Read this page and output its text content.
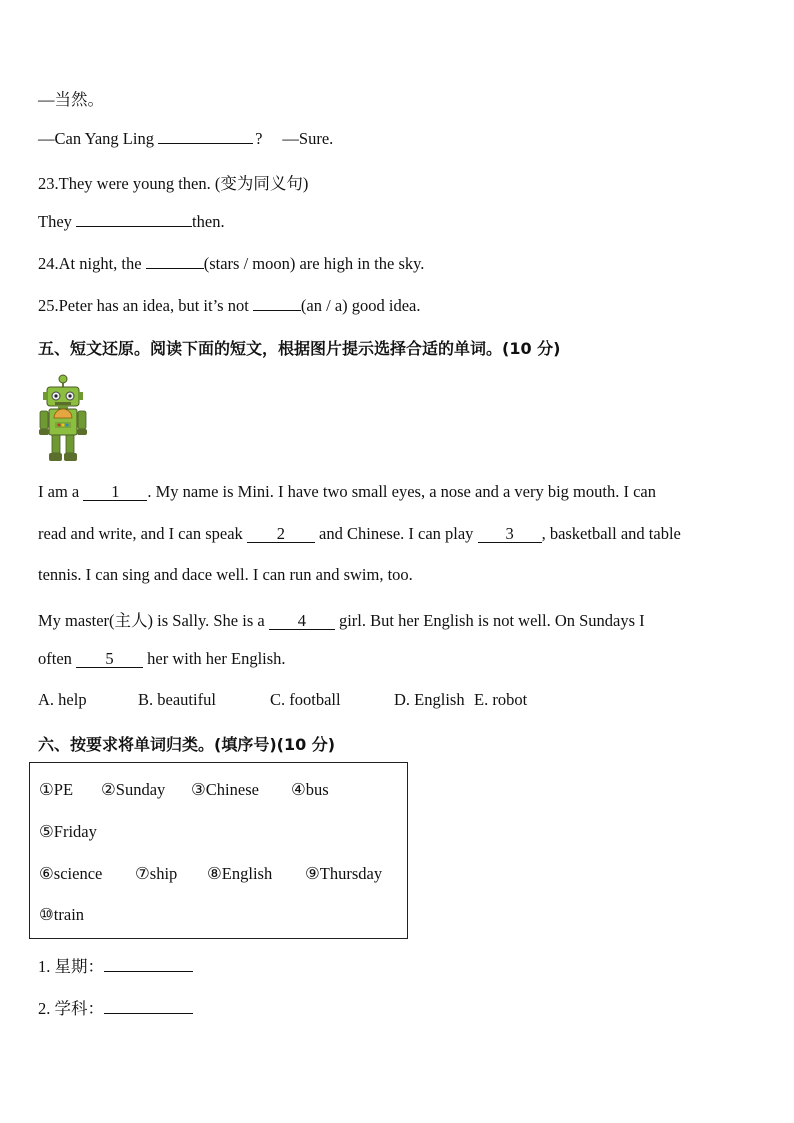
—当然。
—Can Yang Ling	? —Sure.
23.They were young then. (变为同义句)
They	then.
24.At night, the	(stars / moon) are high in the sky.
25.Peter has an idea, but it’s not	(an / a) good idea.
五、短文还原。阅读下面的短文，根据图片提示选择合适的单词。(10 分)
I am a 1 . My name is Mini. I have two small eyes, a nose and a very big mouth. I can
read and write, and I can speak 2 and Chinese. I can play 3 , basketball and table
tennis. I can sing and dace well. I can run and swim, too.
My master(主人) is Sally. She is a 4 girl. But her English is not well. On Sundays I
often 5 her with her English.
A. help	B. beautiful	C. football	D. English E. robot
六、按要求将单词归类。(填序号)(10 分)
①PE ②Sunday ③Chinese ④bus
⑤Friday
⑥science ⑦ship ⑧English ⑨Thursday
⑩train
1. 星期：
2. 学科：
